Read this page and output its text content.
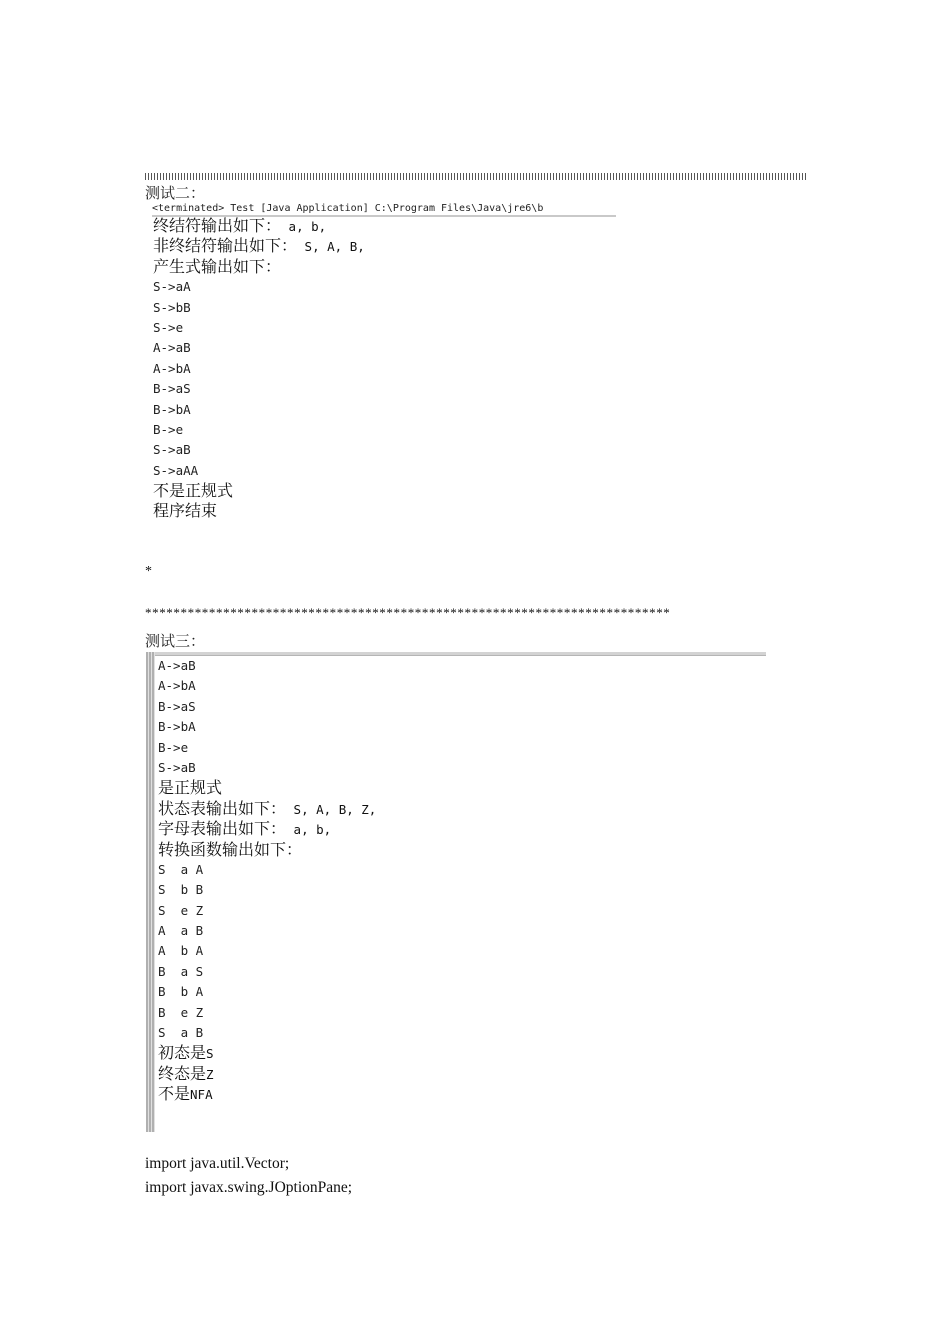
测试二：
<terminated> Test [Java Application] C:\Program Files\Java\jre6\b
终结符输出如下： a, b,
非终结符输出如下： S, A, B,
产生式输出如下：
S->aA
S->bB
S->e
A->aB
A->bA
B->aS
B->bA
B->e
S->aB
S->aAA
不是正规式
程序结束
*
**************************************************************************
测试三：
A->aB
A->bA
B->aS
B->bA
B->e
S->aB
是正规式
状态表输出如下： S, A, B, Z,
字母表输出如下： a, b,
转换函数输出如下：
S  a A
S  b B
S  e Z
A  a B
A  b A
B  a S
B  b A
B  e Z
S  a B
初态是S
终态是Z
不是NFA
import java.util.Vector;
import javax.swing.JOptionPane;
